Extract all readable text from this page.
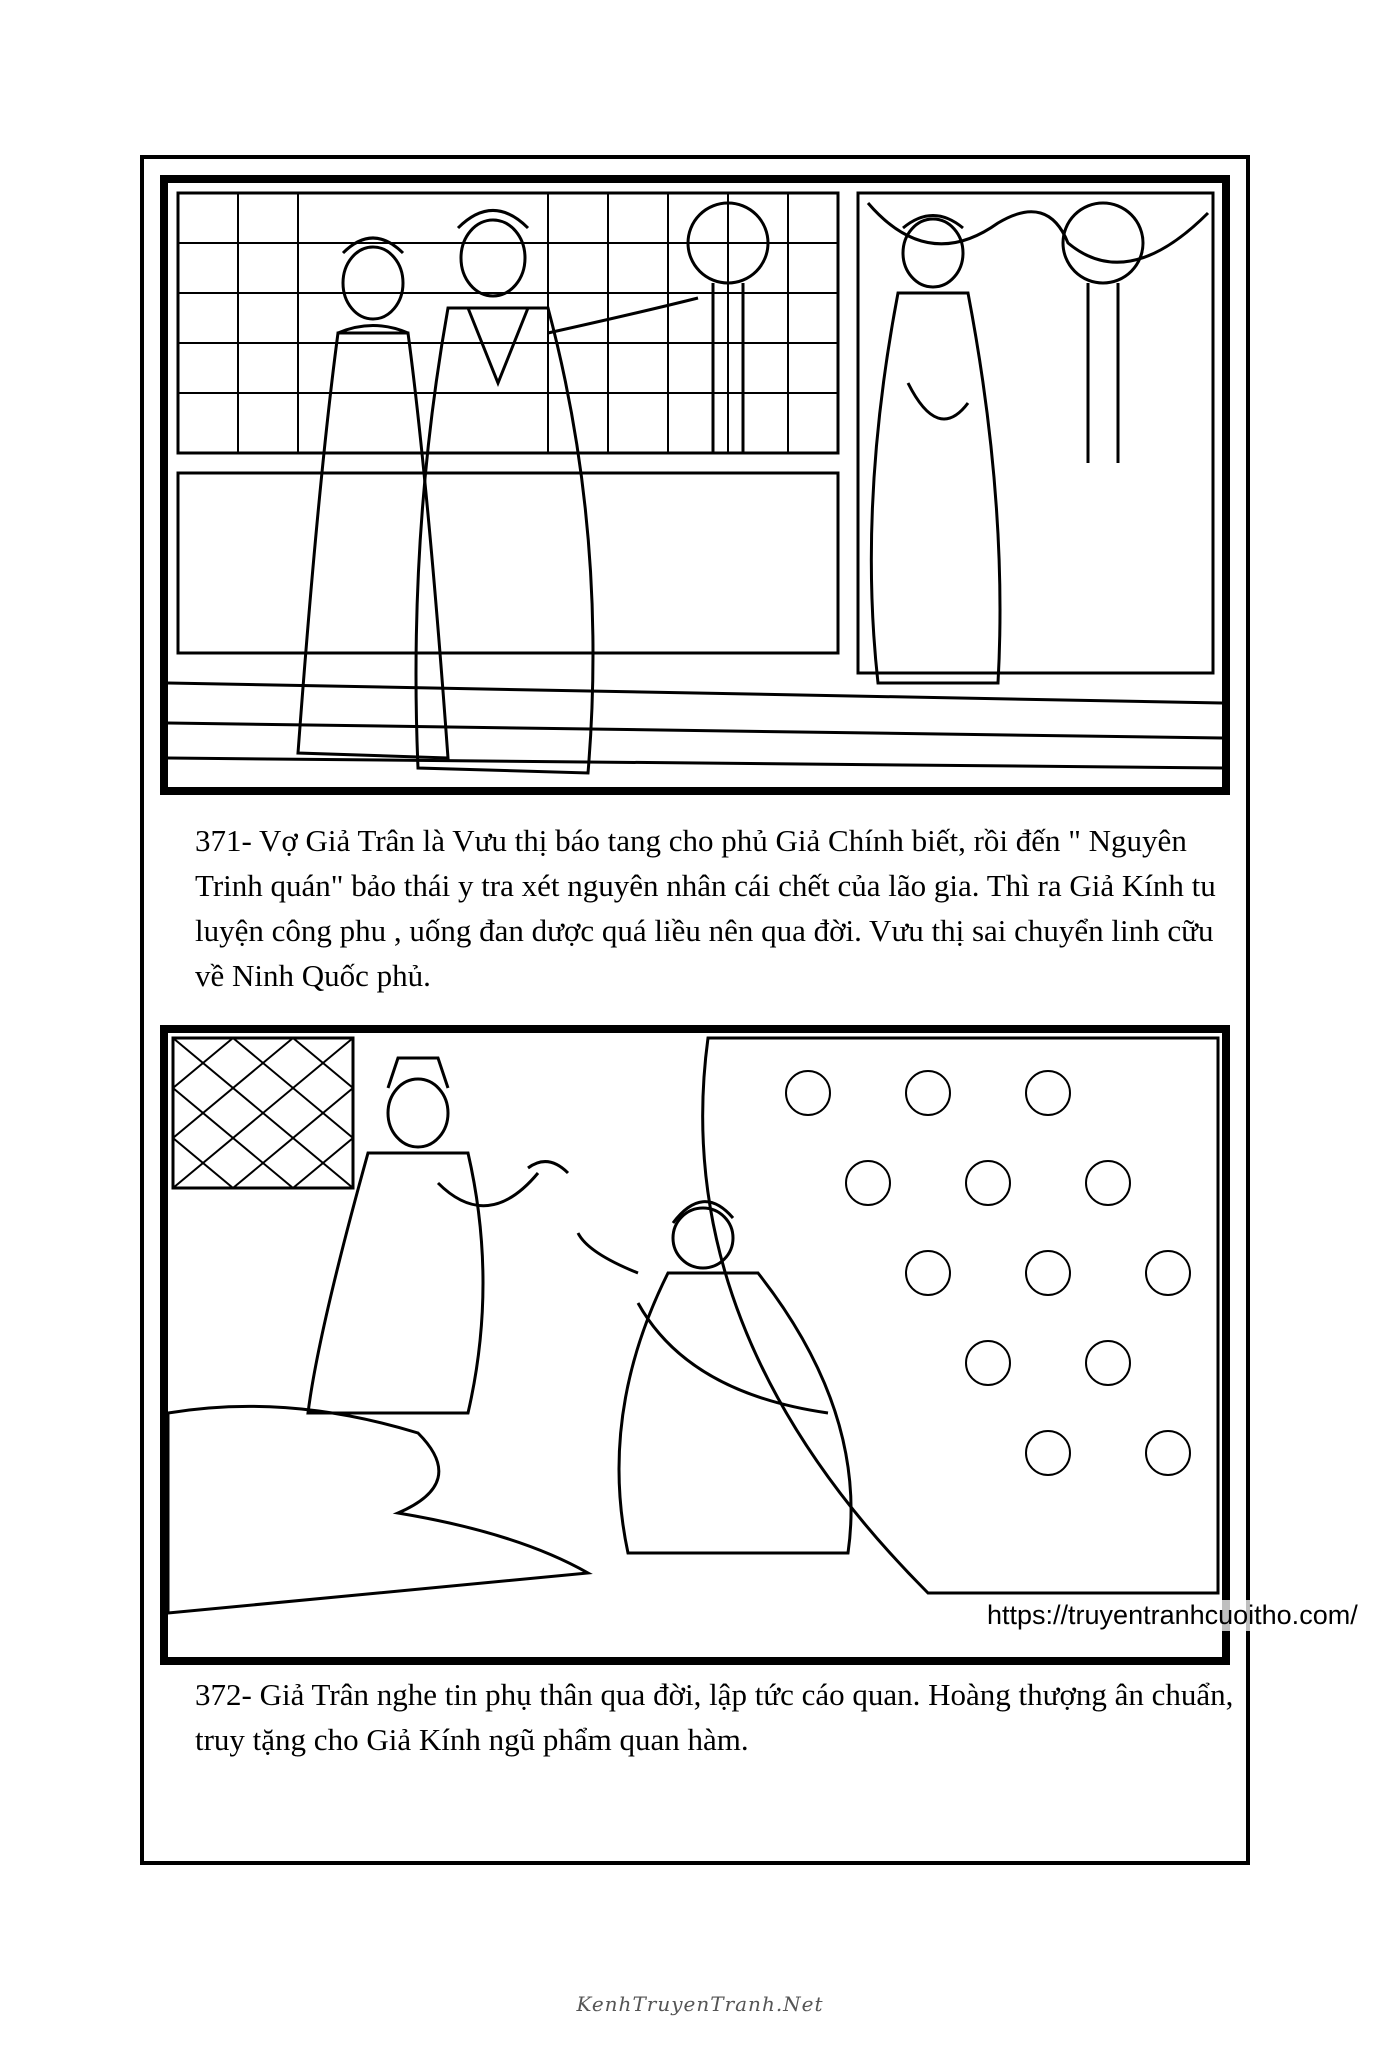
371- Vợ Giả Trân là Vưu thị báo tang cho phủ Giả Chính biết, rồi đến " Nguyên Trinh quán" bảo thái y tra xét nguyên nhân cái chết của lão gia. Thì ra Giả Kính tu luyện công phu , uống đan dược quá liều nên qua đời. Vưu thị sai chuyển linh cữu về Ninh Quốc phủ.
https://truyentranhcuoitho.com/
372- Giả Trân nghe tin phụ thân qua đời, lập tức cáo quan. Hoàng thượng ân chuẩn, truy tặng cho Giả Kính ngũ phẩm quan hàm.
KenhTruyenTranh.Net
